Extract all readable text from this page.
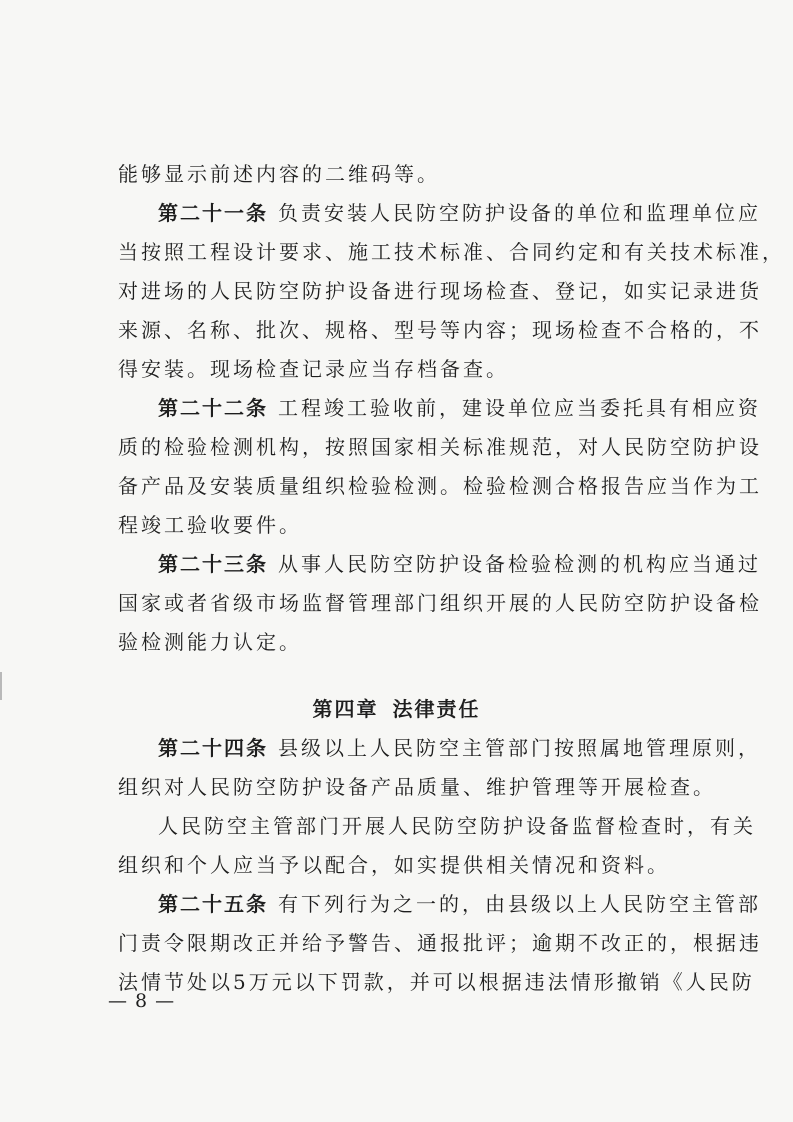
能够显示前述内容的二维码等。
第二十一条 负责安装人民防空防护设备的单位和监理单位应
当按照工程设计要求、施工技术标准、合同约定和有关技术标准，
对进场的人民防空防护设备进行现场检查、登记，如实记录进货
来源、名称、批次、规格、型号等内容；现场检查不合格的，不
得安装。现场检查记录应当存档备查。
第二十二条 工程竣工验收前，建设单位应当委托具有相应资
质的检验检测机构，按照国家相关标准规范，对人民防空防护设
备产品及安装质量组织检验检测。检验检测合格报告应当作为工
程竣工验收要件。
第二十三条 从事人民防空防护设备检验检测的机构应当通过
国家或者省级市场监督管理部门组织开展的人民防空防护设备检
验检测能力认定。
第四章 法律责任
第二十四条 县级以上人民防空主管部门按照属地管理原则，
组织对人民防空防护设备产品质量、维护管理等开展检查。
人民防空主管部门开展人民防空防护设备监督检查时，有关
组织和个人应当予以配合，如实提供相关情况和资料。
第二十五条 有下列行为之一的，由县级以上人民防空主管部
门责令限期改正并给予警告、通报批评；逾期不改正的，根据违
法情节处以5万元以下罚款，并可以根据违法情形撤销《人民防
— 8 —
